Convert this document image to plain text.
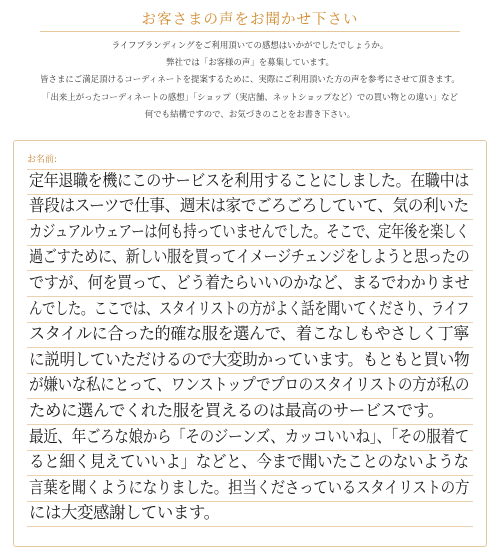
お客さまの声をお聞かせ下さい
ライフブランディングをご利用頂いての感想はいかがでしたでしょうか。
弊社では「お客様の声」を募集しています。
皆さまにご満足頂けるコーディネートを提案するために、実際にご利用頂いた方の声を参考にさせて頂きます。
「出来上がったコーディネートの感想」「ショップ（実店舗、ネットショップなど）での買い物との違い」など
何でも結構ですので、お気づきのことをお書き下さい。
お名前:
定年退職を機にこのサービスを利用することにしました。在職中は
普段はスーツで仕事、週末は家でごろごろしていて、気の利いた
カジュアルウェアーは何も持っていませんでした。そこで、定年後を楽しく
過ごすために、新しい服を買ってイメージチェンジをしようと思ったの
ですが、何を買って、どう着たらいいのかなど、まるでわかりませ
んでした。ここでは、スタイリストの方がよく話を聞いてくださり、ライフ
スタイルに合った的確な服を選んで、着こなしもやさしく丁寧
に説明していただけるので大変助かっています。もともと買い物
が嫌いな私にとって、ワンストップでプロのスタイリストの方が私の
ために選んでくれた服を買えるのは最高のサービスです。
最近、年ごろな娘から「そのジーンズ、カッコいいね」、「その服着て
ると細く見えていいよ」などと、今まで聞いたことのないような
言葉を聞くようになりました。担当くださっているスタイリストの方
には大変感謝しています。
